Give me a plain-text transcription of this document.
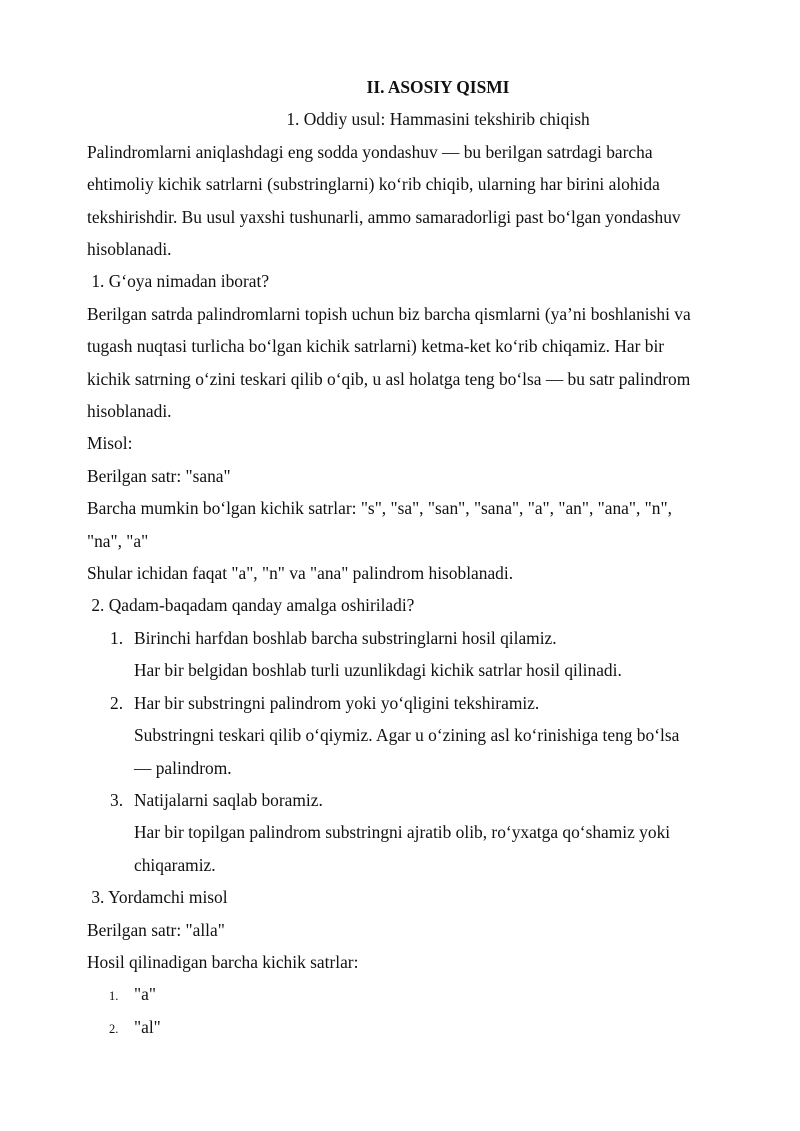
II. ASOSIY QISMI
1. Oddiy usul: Hammasini tekshirib chiqish
Palindromlarni aniqlashdagi eng sodda yondashuv — bu berilgan satrdagi barcha
ehtimoliy kichik satrlarni (substringlarni) ko‘rib chiqib, ularning har birini alohida
tekshirishdir. Bu usul yaxshi tushunarli, ammo samaradorligi past bo‘lgan yondashuv
hisoblanadi.
1. G‘oya nimadan iborat?
Berilgan satrda palindromlarni topish uchun biz barcha qismlarni (ya’ni boshlanishi va
tugash nuqtasi turlicha bo‘lgan kichik satrlarni) ketma-ket ko‘rib chiqamiz. Har bir
kichik satrning o‘zini teskari qilib o‘qib, u asl holatga teng bo‘lsa — bu satr palindrom
hisoblanadi.
Misol:
Berilgan satr: "sana"
Barcha mumkin bo‘lgan kichik satrlar: "s", "sa", "san", "sana", "a", "an", "ana", "n",
"na", "a"
Shular ichidan faqat "a", "n" va "ana" palindrom hisoblanadi.
2. Qadam-baqadam qanday amalga oshiriladi?
1. Birinchi harfdan boshlab barcha substringlarni hosil qilamiz.
Har bir belgidan boshlab turli uzunlikdagi kichik satrlar hosil qilinadi.
2. Har bir substringni palindrom yoki yo‘qligini tekshiramiz.
Substringni teskari qilib o‘qiymiz. Agar u o‘zining asl ko‘rinishiga teng bo‘lsa
— palindrom.
3. Natijalarni saqlab boramiz.
Har bir topilgan palindrom substringni ajratib olib, ro‘yxatga qo‘shamiz yoki
chiqaramiz.
3. Yordamchi misol
Berilgan satr: "alla"
Hosil qilinadigan barcha kichik satrlar:
1. "a"
2. "al"
